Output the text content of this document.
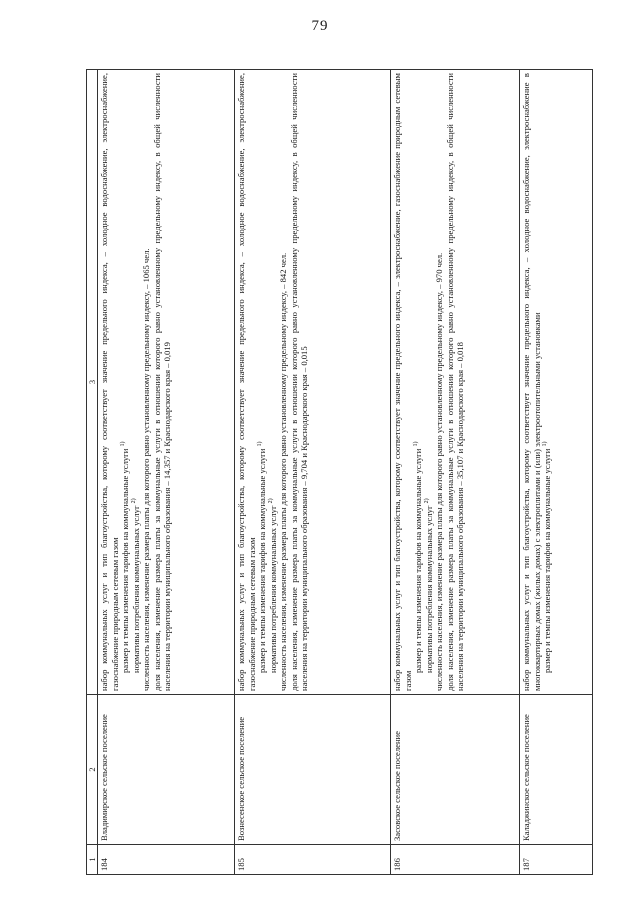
79
1	2	3
184	Владимирское сельское поселение	набор коммунальных услуг и тип благоустройства, которому соответствует значение предельного индекса, – холодное водоснабжение, электроснабжение, газоснабжение природным сетевым газом размер и темпы изменения тарифов на коммунальные услуги $^{1)}$
нормативы потребления коммунальных услуг $^{2)}$ численность населения, изменение размера платы для которого равно установленному предельному индексу, – 1065 чел. доля населения, изменение размера платы за коммунальные услуги в отношении которого равно установленному предельному индексу, в общей численности населения на территории муниципального образования – 14,357 и Краснодарского края – 0,019

185	Вознесенское сельское поселение	набор коммунальных услуг и тип благоустройства, которому соответствует значение предельного индекса, – холодное водоснабжение, электроснабжение, газоснабжение природным сетевым газом размер и темпы изменения тарифов на коммунальные услуги $^{1)}$
нормативы потребления коммунальных услуг $^{2)}$ численность населения, изменение размера платы для которого равно установленному предельному индексу, – 842 чел. доля населения, изменение размера платы за коммунальные услуги в отношении которого равно установленному предельному индексу, в общей численности населения на территории муниципального образования – 9,704 и Краснодарского края – 0,015

186	Засовское сельское поселение	набор коммунальных услуг и тип благоустройства, которому соответствует значение предельного индекса, – электроснабжение, газоснабжение природным сетевым газом
размер и темпы изменения тарифов на коммунальные услуги $^{1)}$
нормативы потребления коммунальных услуг $^{2)}$ численность населения, изменение размера платы для которого равно установленному предельному индексу, – 970 чел. доля населения, изменение размера платы за коммунальные услуги в отношении которого равно установленному предельному индексу, в общей численности населения на территории муниципального образования – 35,107 и Краснодарского края – 0,018

187	Каладжинское сельское поселение	набор коммунальных услуг и тип благоустройства, которому соответствует значение предельного индекса, – холодное водоснабжение, электроснабжение в многоквартирных домах (жилых домах) с электроплитами и (или) электроотопительными установками размер и темпы изменения тарифов на коммунальные услуги $^{1)}$
